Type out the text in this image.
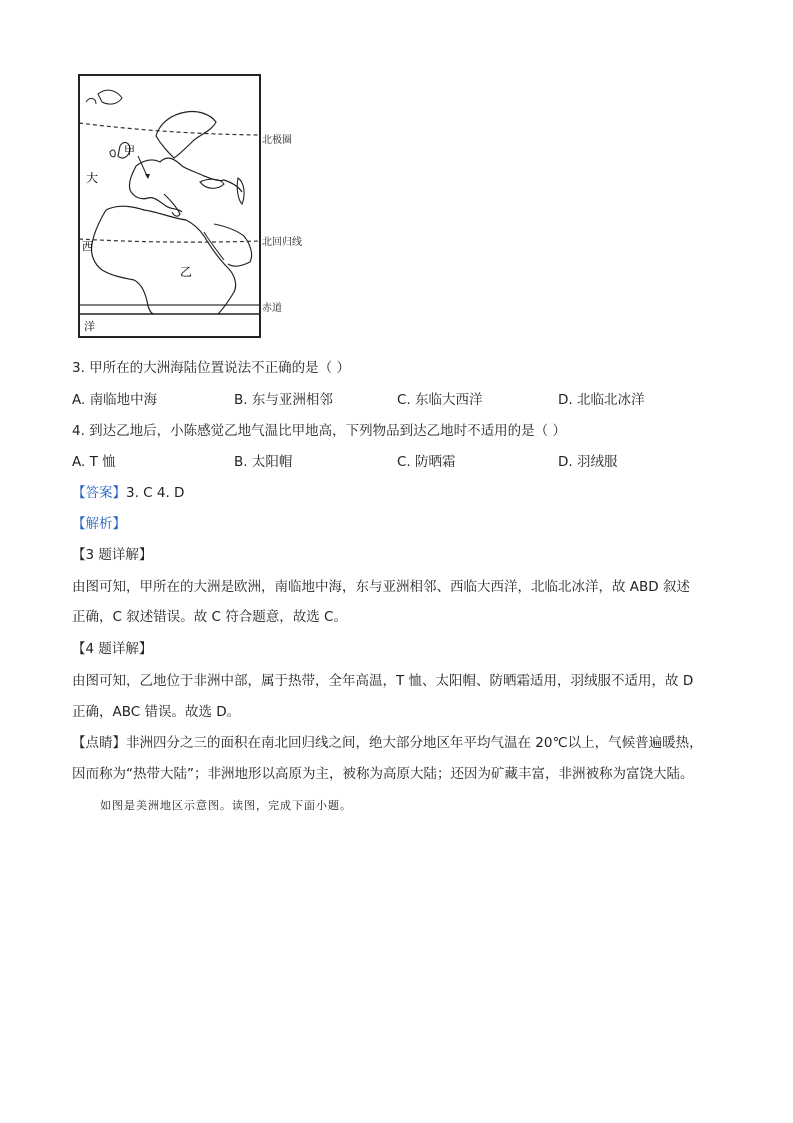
甲
乙
大
西
洋
北极圈
北回归线
赤道
3. 甲所在的大洲海陆位置说法不正确的是（ ）
A. 南临地中海	B. 东与亚洲相邻	C. 东临大西洋	D. 北临北冰洋
4. 到达乙地后，小陈感觉乙地气温比甲地高，下列物品到达乙地时不适用的是（ ）
A. T 恤	B. 太阳帽	C. 防晒霜	D. 羽绒服
【答案】3. C 4. D
【解析】
【3 题详解】
由图可知，甲所在的大洲是欧洲，南临地中海，东与亚洲相邻、西临大西洋，北临北冰洋，故 ABD 叙述
正确，C 叙述错误。故 C 符合题意，故选 C。
【4 题详解】
由图可知，乙地位于非洲中部，属于热带，全年高温，T 恤、太阳帽、防晒霜适用，羽绒服不适用，故 D
正确，ABC 错误。故选 D。
【点睛】非洲四分之三的面积在南北回归线之间，绝大部分地区年平均气温在 20℃以上，气候普遍暖热，
因而称为“热带大陆”；非洲地形以高原为主，被称为高原大陆；还因为矿藏丰富，非洲被称为富饶大陆。
如图是美洲地区示意图。读图，完成下面小题。
